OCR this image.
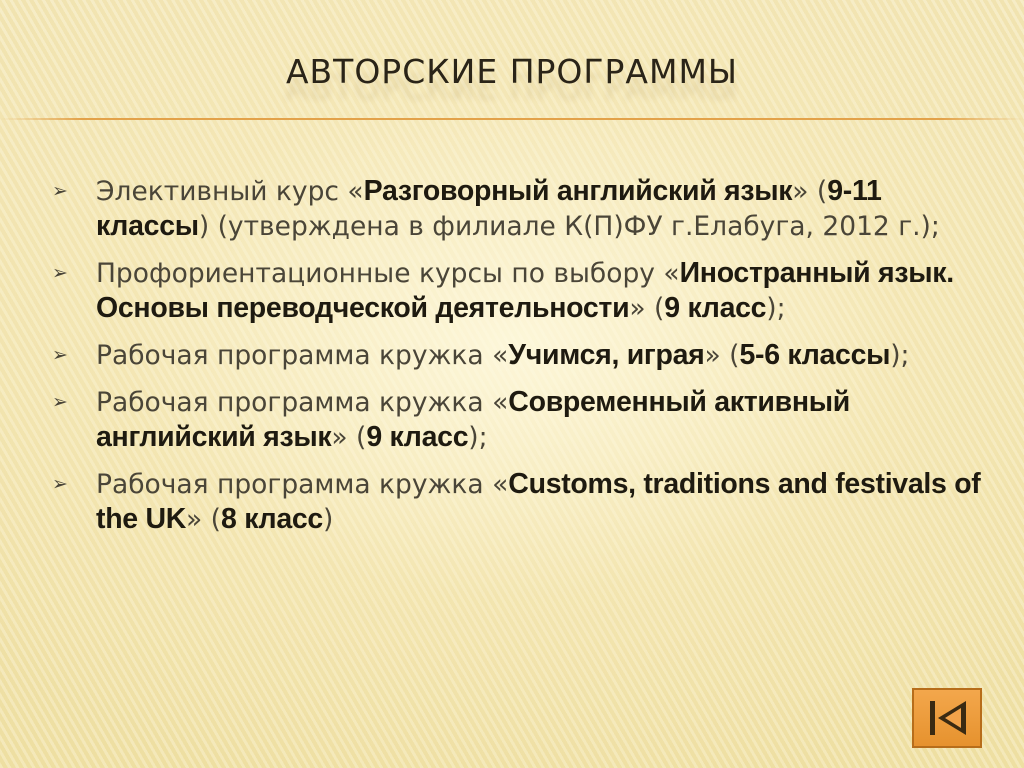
АВТОРСКИЕ ПРОГРАММЫ
➢ Элективный курс «Разговорный английский язык» (9-11 классы) (утверждена в филиале К(П)ФУ г.Елабуга, 2012 г.);
➢ Профориентационные курсы по выбору «Иностранный язык. Основы переводческой деятельности» (9 класс);
➢ Рабочая программа кружка «Учимся, играя» (5-6 классы);
➢ Рабочая программа кружка «Современный активный английский язык» (9 класс);
➢ Рабочая программа кружка «Customs, traditions and festivals of the UK» (8 класс)
